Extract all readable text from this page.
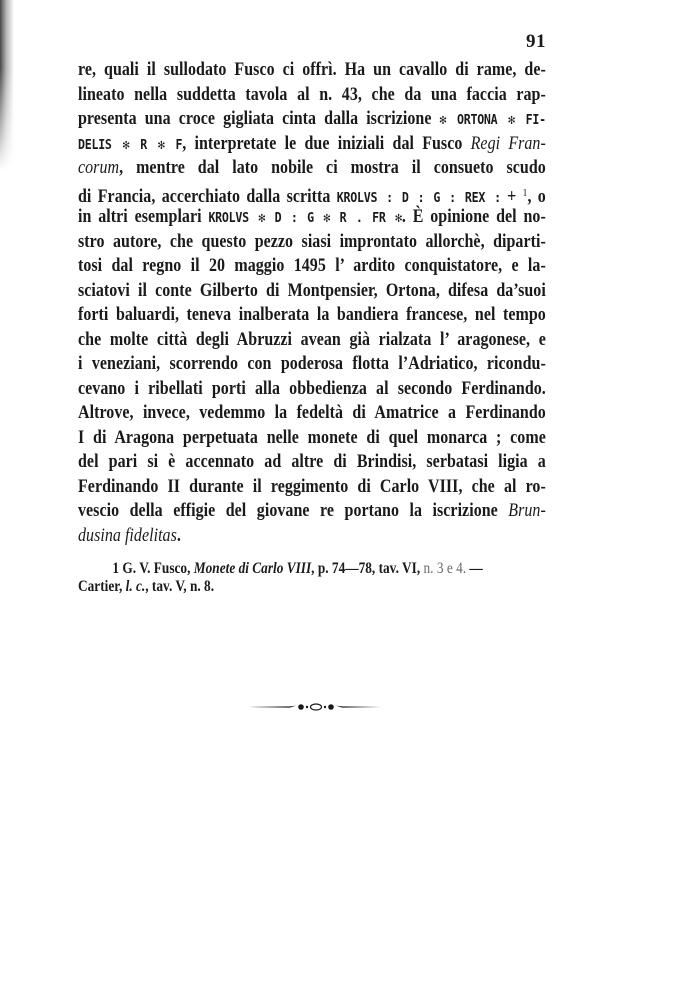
91
re, quali il sullodato Fusco ci offrì. Ha un cavallo di rame, de-
lineato nella suddetta tavola al n. 43, che da una faccia rap-
presenta una croce gigliata cinta dalla iscrizione ✻ ORTONA ✻ FI-
DELIS ✻ R ✻ F, interpretate le due iniziali dal Fusco Regi Fran-
corum, mentre dal lato nobile ci mostra il consueto scudo
di Francia, accerchiato dalla scritta KROLVS : D : G : REX : + $^1$, o
in altri esemplari KROLVS ✻ D : G ✻ R . FR ✻. È opinione del no-
stro autore, che questo pezzo siasi improntato allorchè, diparti-
tosi dal regno il 20 maggio 1495 l’ ardito conquistatore, e la-
sciatovi il conte Gilberto di Montpensier, Ortona, difesa da’suoi
forti baluardi, teneva inalberata la bandiera francese, nel tempo
che molte città degli Abruzzi avean già rialzata l’ aragonese, e
i veneziani, scorrendo con poderosa flotta l’Adriatico, ricondu-
cevano i ribellati porti alla obbedienza al secondo Ferdinando.
Altrove, invece, vedemmo la fedeltà di Amatrice a Ferdinando
I di Aragona perpetuata nelle monete di quel monarca ; come
del pari si è accennato ad altre di Brindisi, serbatasi ligia a
Ferdinando II durante il reggimento di Carlo VIII, che al ro-
vescio della effigie del giovane re portano la iscrizione Brun-
dusina fidelitas.
1 G. V. Fusco, Monete di Carlo VIII, p. 74—78, tav. VI, n. 3 e 4. —
Cartier, l. c., tav. V, n. 8.
